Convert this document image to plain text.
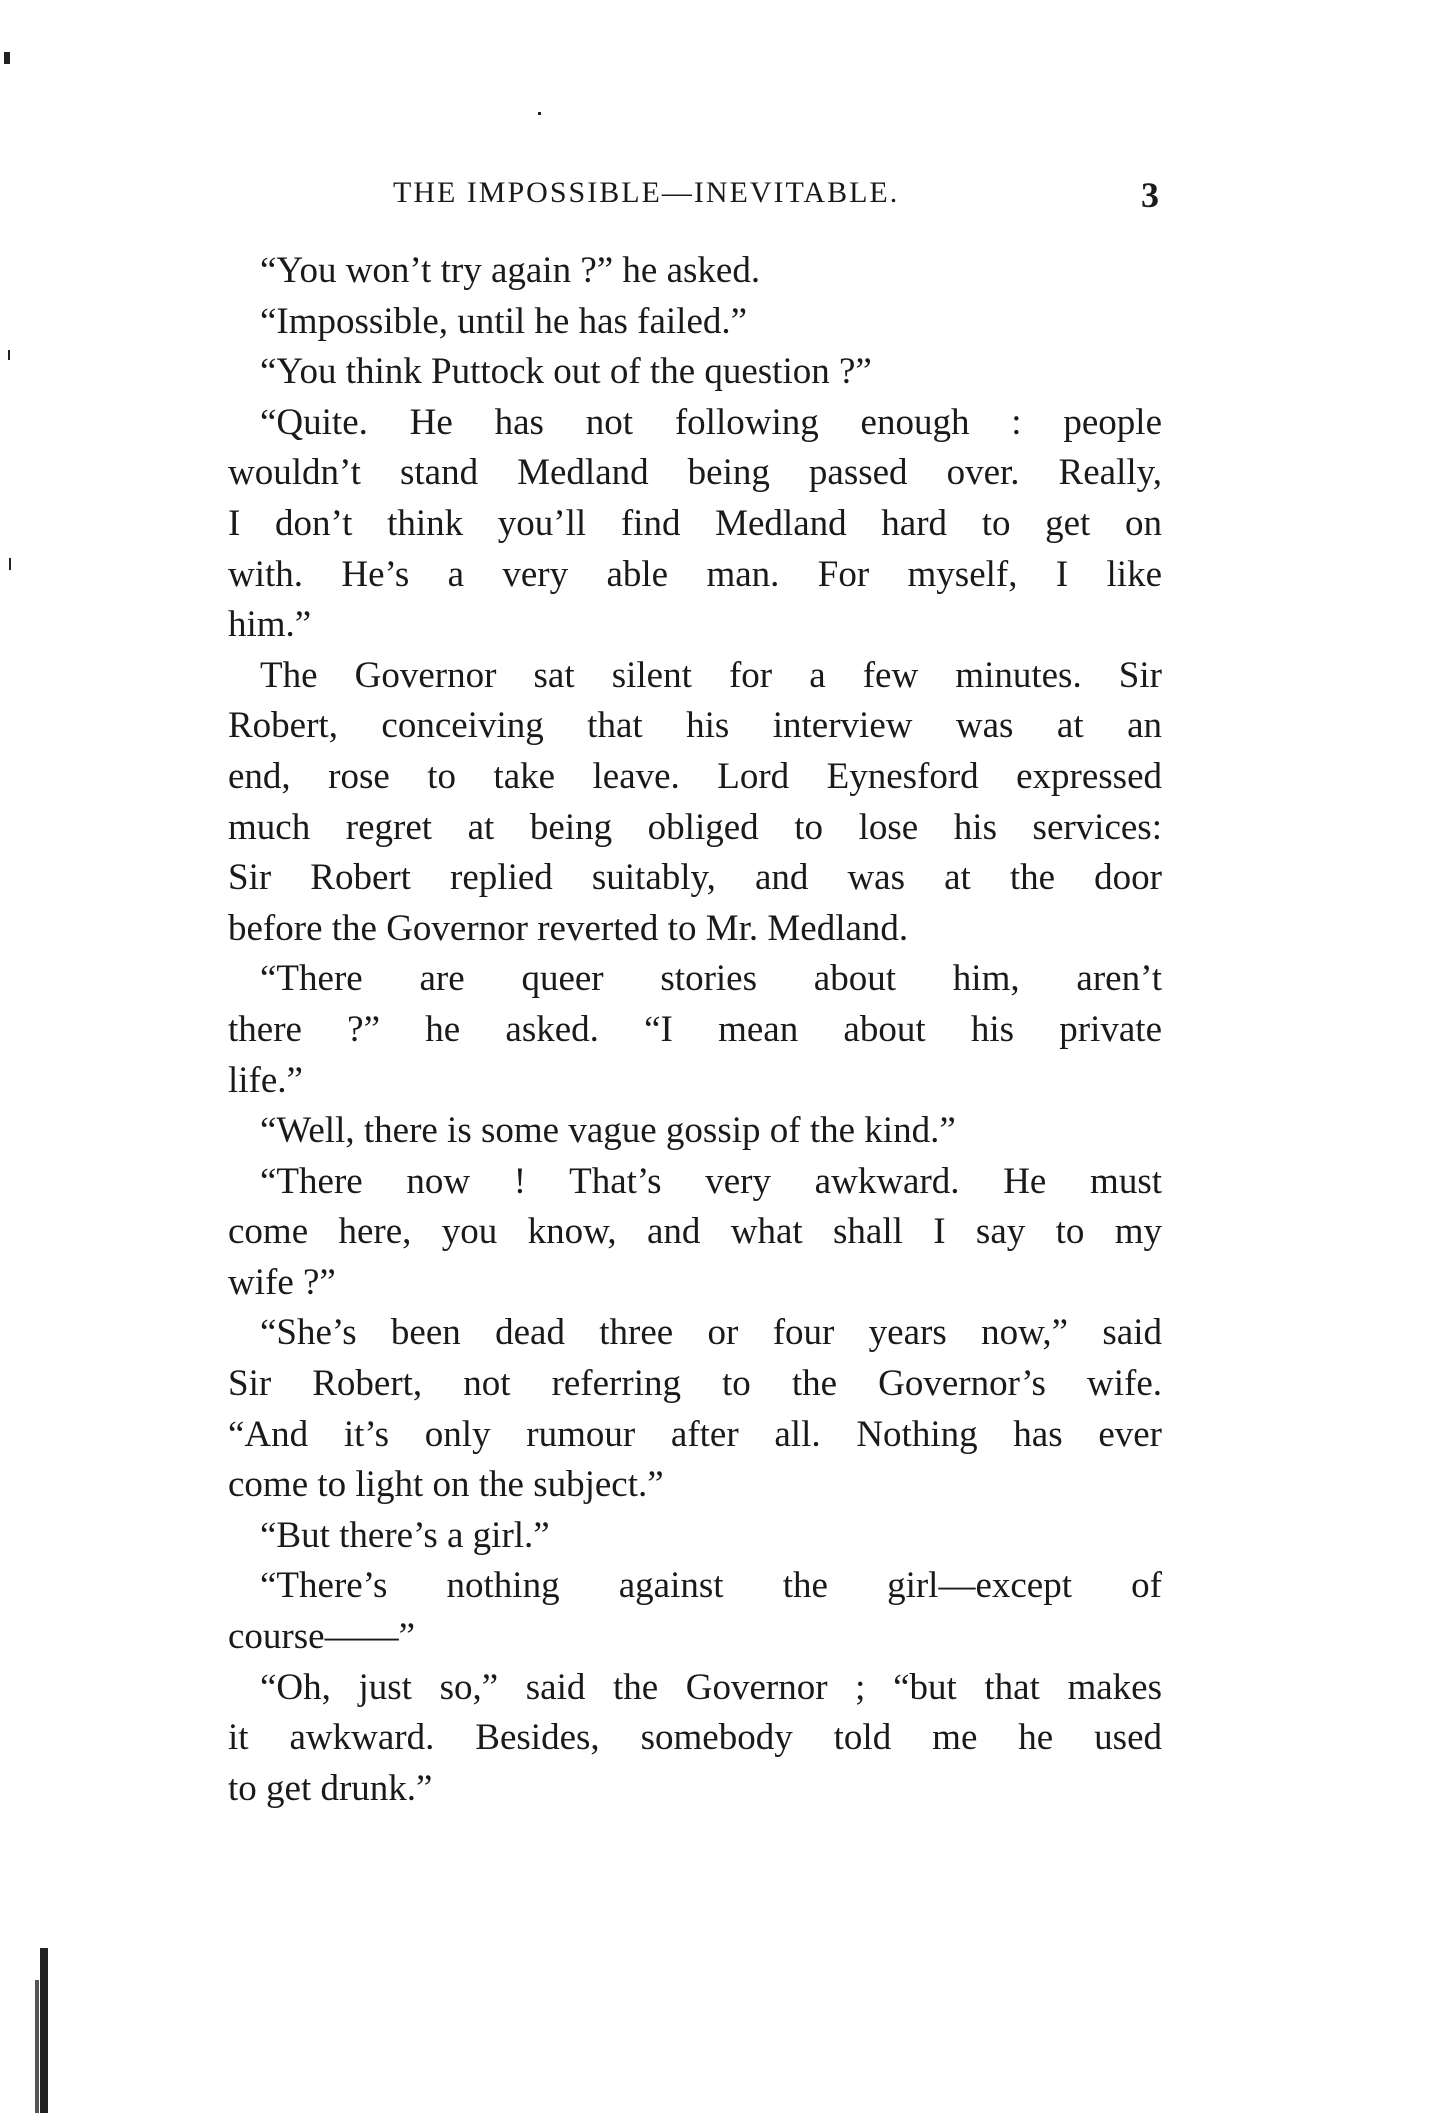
THE IMPOSSIBLE—INEVITABLE.	3
“You won’t try again ?” he asked.
“Impossible, until he has failed.”
“You think Puttock out of the question ?”
“Quite. He has not following enough : people
wouldn’t stand Medland being passed over. Really,
I don’t think you’ll find Medland hard to get on
with. He’s a very able man. For myself, I like
him.”
The Governor sat silent for a few minutes. Sir
Robert, conceiving that his interview was at an
end, rose to take leave. Lord Eynesford expressed
much regret at being obliged to lose his services:
Sir Robert replied suitably, and was at the door
before the Governor reverted to Mr. Medland.
“There are queer stories about him, aren’t
there ?” he asked. “I mean about his private
life.”
“Well, there is some vague gossip of the kind.”
“There now ! That’s very awkward. He must
come here, you know, and what shall I say to my
wife ?”
“She’s been dead three or four years now,” said
Sir Robert, not referring to the Governor’s wife.
“And it’s only rumour after all. Nothing has ever
come to light on the subject.”
“But there’s a girl.”
“There’s nothing against the girl—except of
course——”
“Oh, just so,” said the Governor ; “but that makes
it awkward. Besides, somebody told me he used
to get drunk.”
